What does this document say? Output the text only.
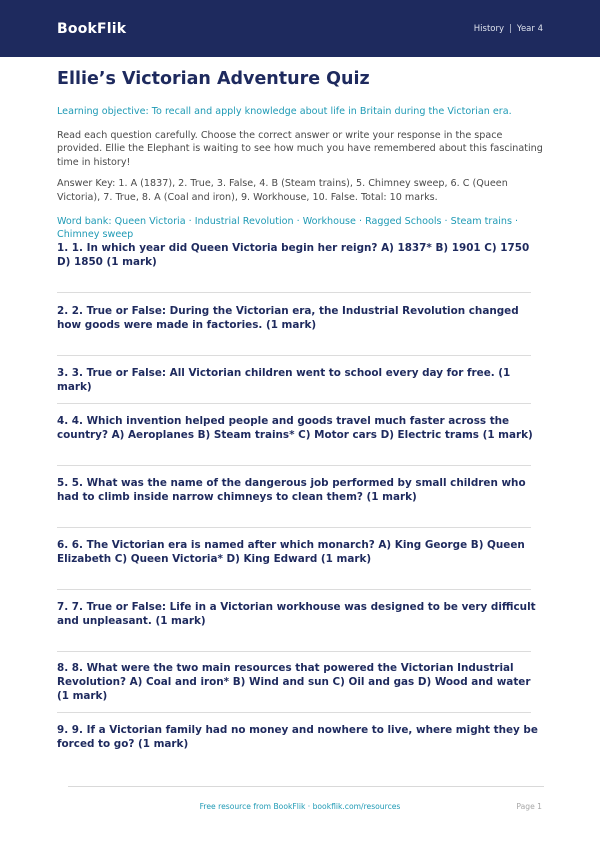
BookFlik	History | Year 4
Ellie’s Victorian Adventure Quiz

Learning objective: To recall and apply knowledge about life in Britain during the Victorian era.

Read each question carefully. Choose the correct answer or write your response in the space provided. Ellie the Elephant is waiting to see how much you have remembered about this fascinating time in history!

Answer Key: 1. A (1837), 2. True, 3. False, 4. B (Steam trains), 5. Chimney sweep, 6. C (Queen Victoria), 7. True, 8. A (Coal and iron), 9. Workhouse, 10. False. Total: 10 marks.

Word bank: Queen Victoria · Industrial Revolution · Workhouse · Ragged Schools · Steam trains · Chimney sweep

1. 1. In which year did Queen Victoria begin her reign? A) 1837* B) 1901 C) 1750 D) 1850 (1 mark)
2. 2. True or False: During the Victorian era, the Industrial Revolution changed how goods were made in factories. (1 mark)
3. 3. True or False: All Victorian children went to school every day for free. (1 mark)
4. 4. Which invention helped people and goods travel much faster across the country? A) Aeroplanes B) Steam trains* C) Motor cars D) Electric trams (1 mark)
5. 5. What was the name of the dangerous job performed by small children who had to climb inside narrow chimneys to clean them? (1 mark)
6. 6. The Victorian era is named after which monarch? A) King George B) Queen Elizabeth C) Queen Victoria* D) King Edward (1 mark)
7. 7. True or False: Life in a Victorian workhouse was designed to be very difficult and unpleasant. (1 mark)
8. 8. What were the two main resources that powered the Victorian Industrial Revolution? A) Coal and iron* B) Wind and sun C) Oil and gas D) Wood and water (1 mark)
9. 9. If a Victorian family had no money and nowhere to live, where might they be forced to go? (1 mark)
Free resource from BookFlik · bookflik.com/resources	Page 1
